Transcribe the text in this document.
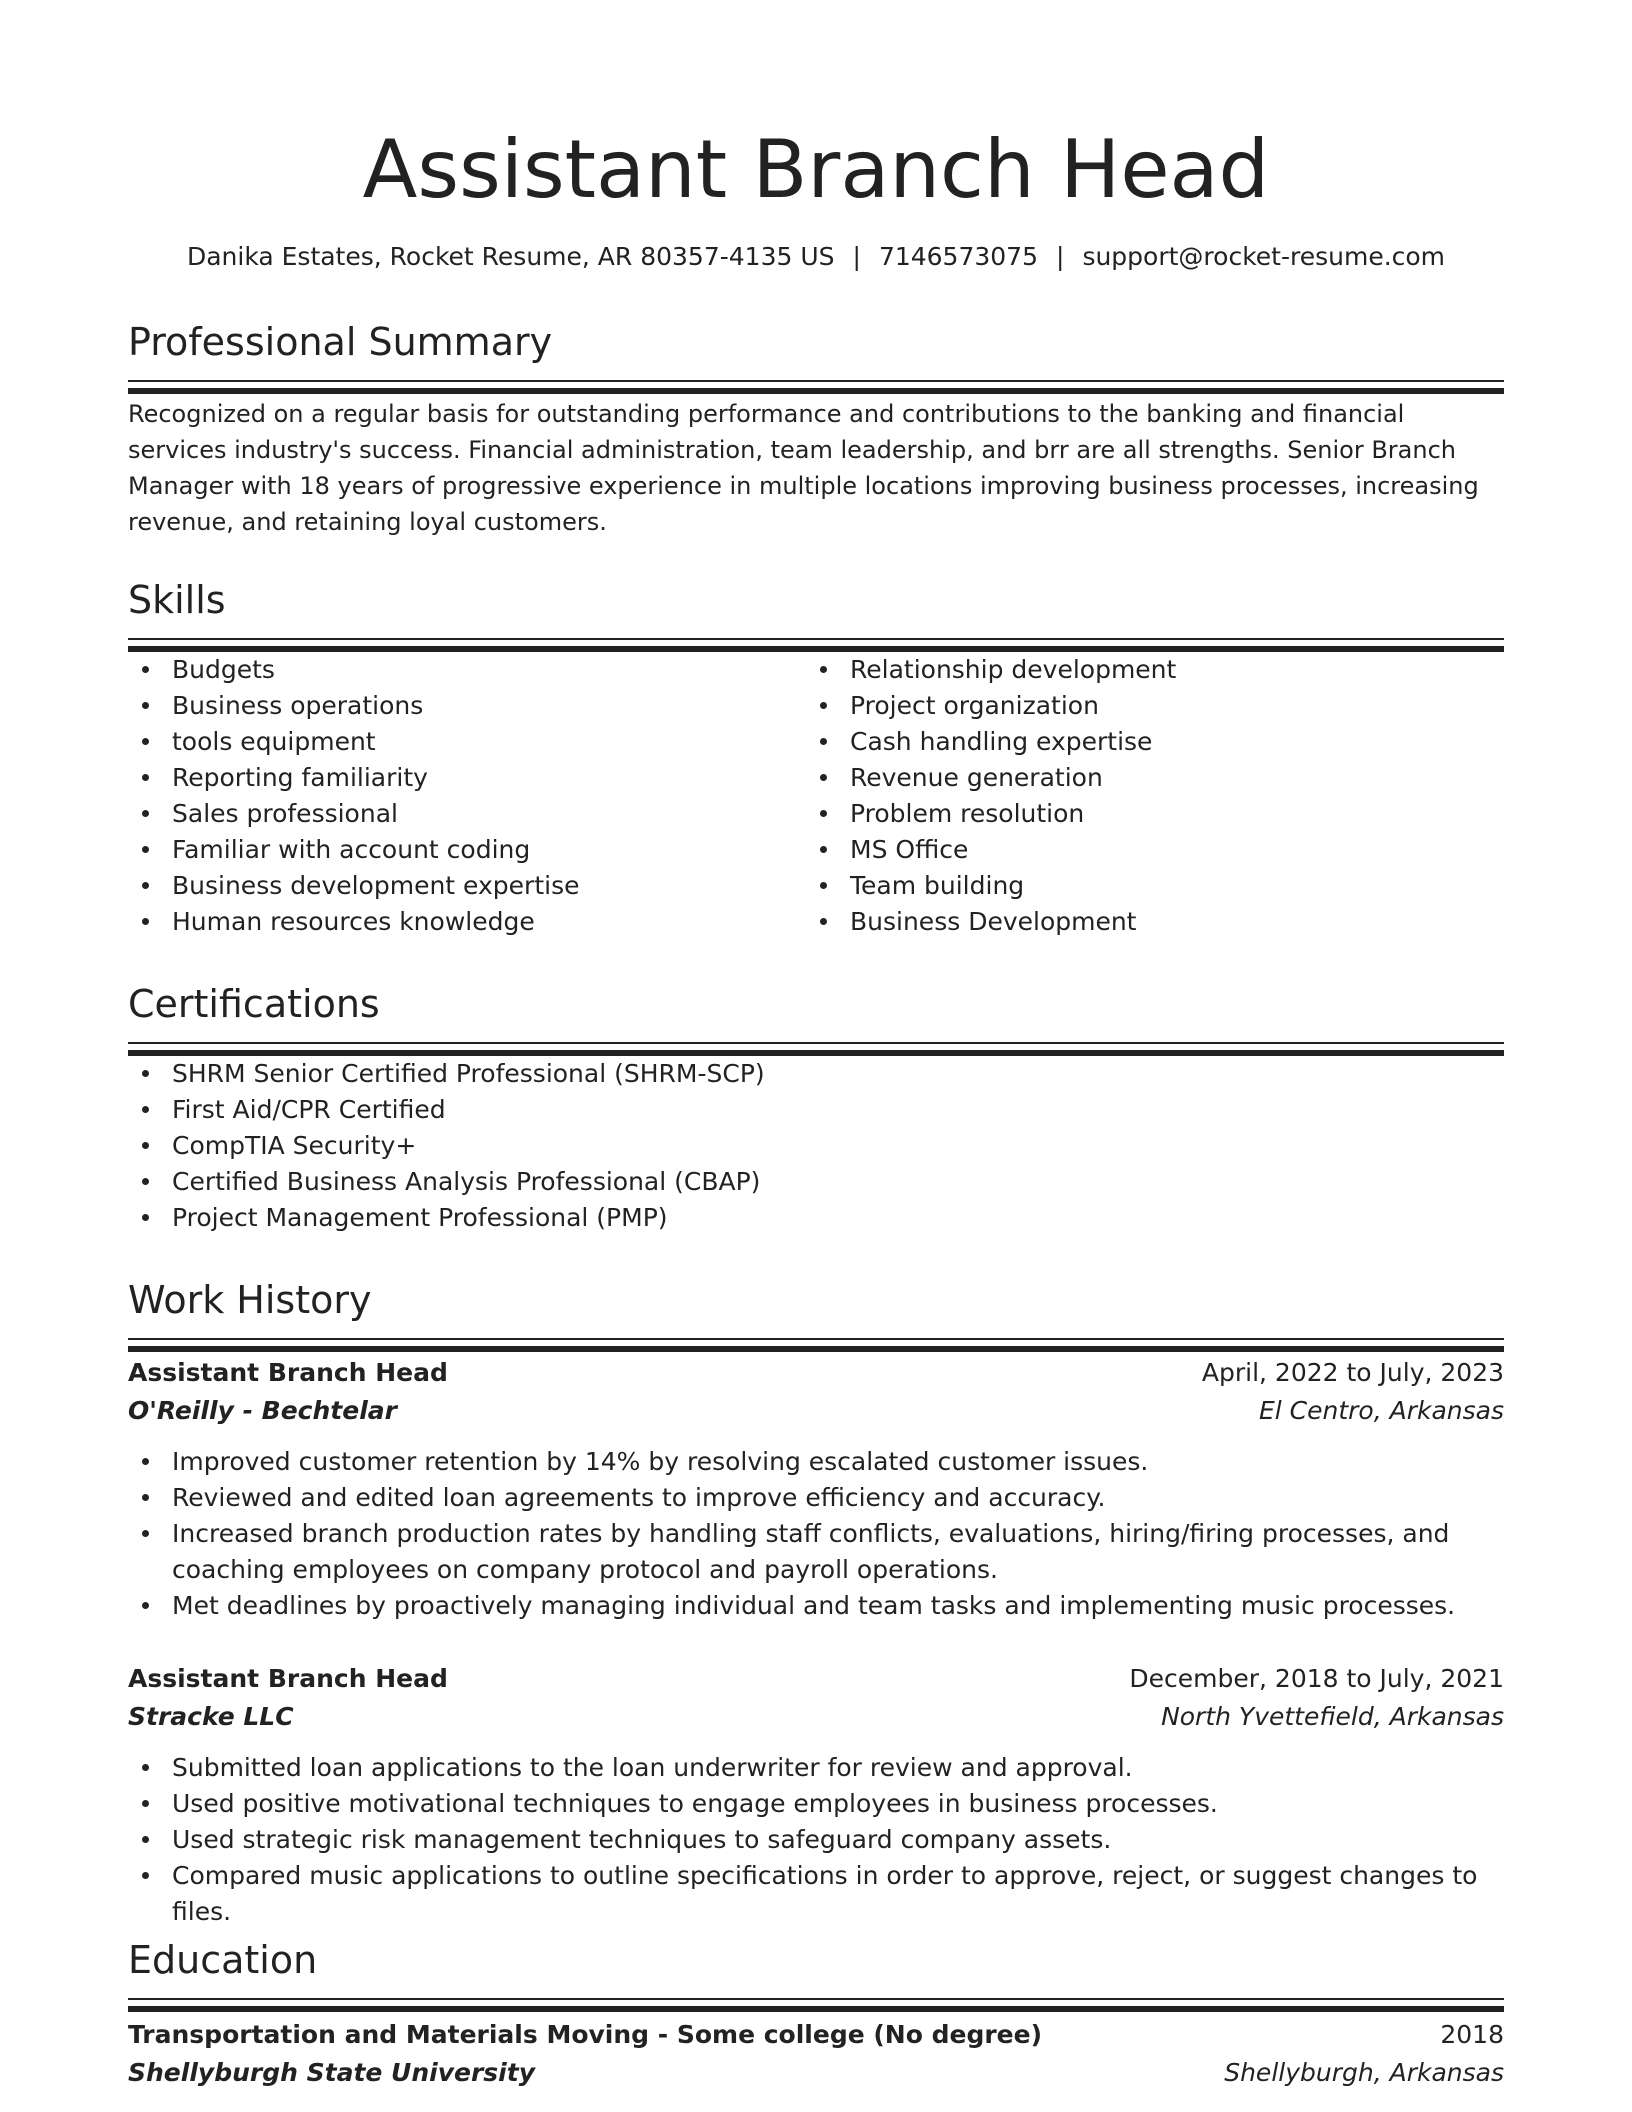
Assistant Branch Head
Danika Estates, Rocket Resume, AR 80357-4135 US | 7146573075 | support@rocket-resume.com
Professional Summary
Recognized on a regular basis for outstanding performance and contributions to the banking and financial services industry's success. Financial administration, team leadership, and brr are all strengths. Senior Branch Manager with 18 years of progressive experience in multiple locations improving business processes, increasing revenue, and retaining loyal customers.
Skills
Budgets
Business operations
tools equipment
Reporting familiarity
Sales professional
Familiar with account coding
Business development expertise
Human resources knowledge
Relationship development
Project organization
Cash handling expertise
Revenue generation
Problem resolution
MS Office
Team building
Business Development
Certifications
SHRM Senior Certified Professional (SHRM-SCP)
First Aid/CPR Certified
CompTIA Security+
Certified Business Analysis Professional (CBAP)
Project Management Professional (PMP)
Work History
Assistant Branch Head	April, 2022 to July, 2023
O'Reilly - Bechtelar	El Centro, Arkansas
Improved customer retention by 14% by resolving escalated customer issues.
Reviewed and edited loan agreements to improve efficiency and accuracy.
Increased branch production rates by handling staff conflicts, evaluations, hiring/firing processes, and coaching employees on company protocol and payroll operations.
Met deadlines by proactively managing individual and team tasks and implementing music processes.
Assistant Branch Head	December, 2018 to July, 2021
Stracke LLC	North Yvettefield, Arkansas
Submitted loan applications to the loan underwriter for review and approval.
Used positive motivational techniques to engage employees in business processes.
Used strategic risk management techniques to safeguard company assets.
Compared music applications to outline specifications in order to approve, reject, or suggest changes to files.
Education
Transportation and Materials Moving - Some college (No degree)	2018
Shellyburgh State University	Shellyburgh, Arkansas
